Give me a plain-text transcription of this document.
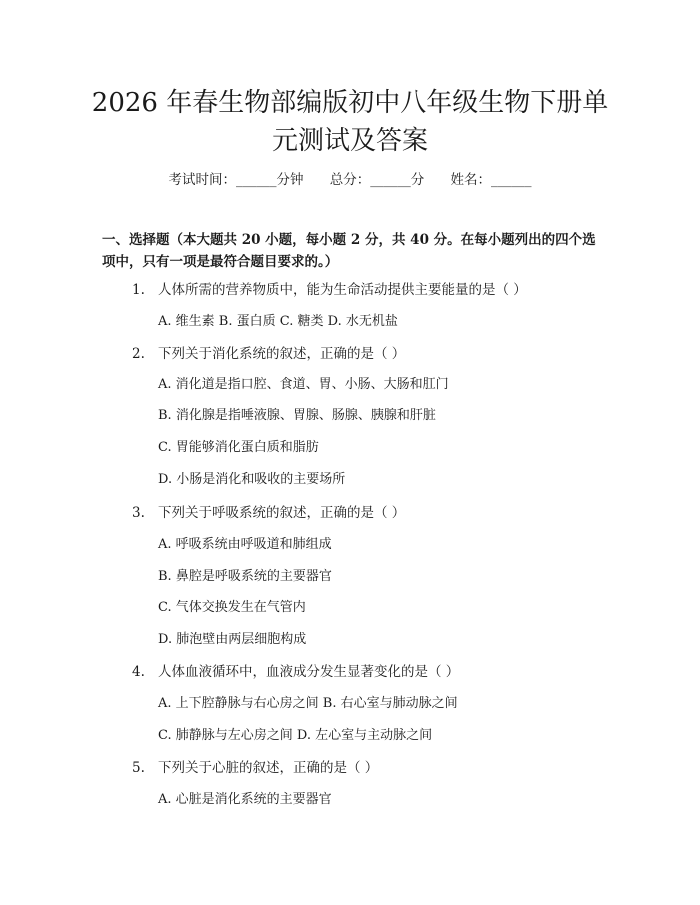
2026 年春生物部编版初中八年级生物下册单
元测试及答案
考试时间：______分钟 总分：______分 姓名：______
一、选择题（本大题共 20 小题，每小题 2 分，共 40 分。在每小题列出的四个选
项中，只有一项是最符合题目要求的。）
1. 人体所需的营养物质中，能为生命活动提供主要能量的是（ ）
A. 维生素 B. 蛋白质 C. 糖类 D. 水无机盐
2. 下列关于消化系统的叙述，正确的是（ ）
A. 消化道是指口腔、食道、胃、小肠、大肠和肛门
B. 消化腺是指唾液腺、胃腺、肠腺、胰腺和肝脏
C. 胃能够消化蛋白质和脂肪
D. 小肠是消化和吸收的主要场所
3. 下列关于呼吸系统的叙述，正确的是（ ）
A. 呼吸系统由呼吸道和肺组成
B. 鼻腔是呼吸系统的主要器官
C. 气体交换发生在气管内
D. 肺泡壁由两层细胞构成
4. 人体血液循环中，血液成分发生显著变化的是（ ）
A. 上下腔静脉与右心房之间 B. 右心室与肺动脉之间
C. 肺静脉与左心房之间 D. 左心室与主动脉之间
5. 下列关于心脏的叙述，正确的是（ ）
A. 心脏是消化系统的主要器官
